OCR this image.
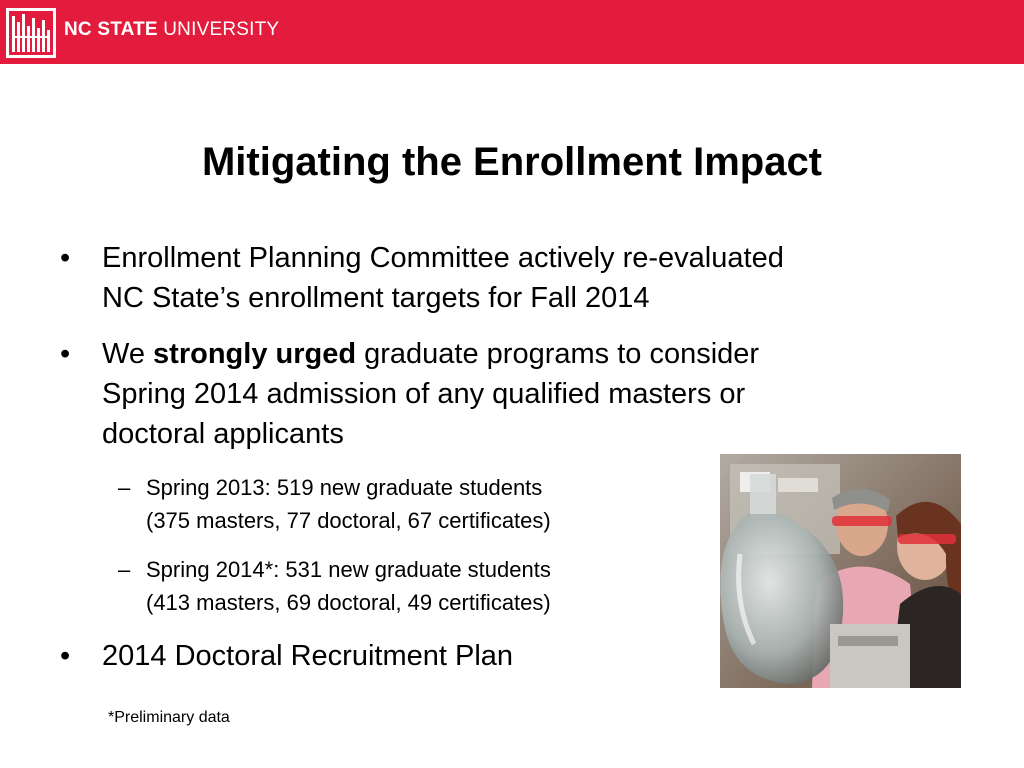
NC STATE UNIVERSITY
Mitigating the Enrollment Impact
•	Enrollment Planning Committee actively re-evaluated
NC State’s enrollment targets for Fall 2014
•	We strongly urged graduate programs to consider
Spring 2014 admission of any qualified masters or
doctoral applicants
– Spring 2013: 519 new graduate students
(375 masters, 77 doctoral, 67 certificates)
– Spring 2014*: 531 new graduate students
(413 masters, 69 doctoral, 49 certificates)
•	2014 Doctoral Recruitment Plan
*Preliminary data
